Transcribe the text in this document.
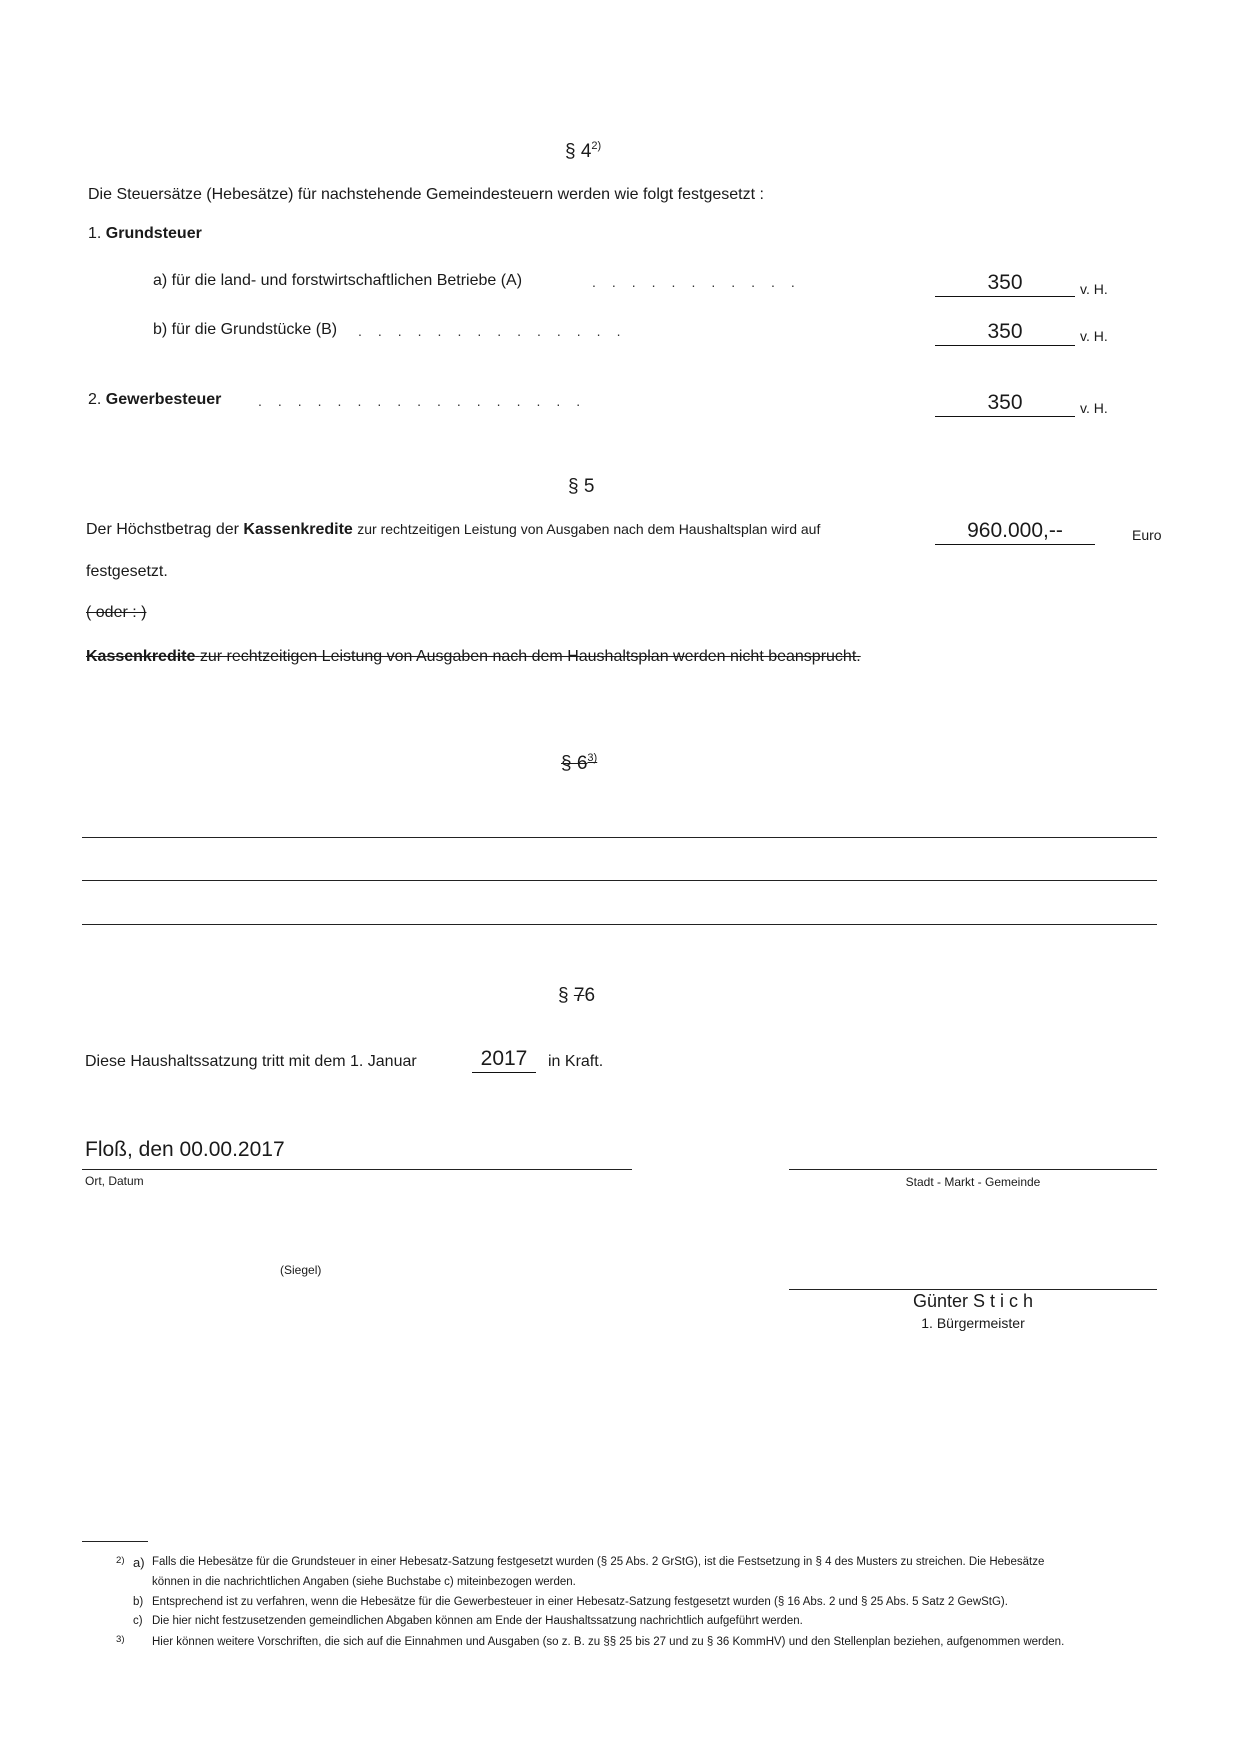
§ 4$^{2)}$
Die Steuersätze (Hebesätze) für nachstehende Gemeindesteuern werden wie folgt festgesetzt :
1. Grundsteuer
a) für die land- und forstwirtschaftlichen Betriebe (A)	...........	350	v. H.
b) für die Grundstücke (B) ..............	350	v. H.
2. Gewerbesteuer	.................	350	v. H.
§ 5
Der Höchstbetrag der Kassenkredite zur rechtzeitigen Leistung von Ausgaben nach dem Haushaltsplan wird auf	960.000,--	Euro
festgesetzt.
( oder : )
Kassenkredite zur rechtzeitigen Leistung von Ausgaben nach dem Haushaltsplan werden nicht beansprucht.
§ 6$^{3)}$
§ 76
Diese Haushaltssatzung tritt mit dem 1. Januar	2017	in Kraft.
Floß, den 00.00.2017
Ort, Datum	Stadt - Markt - Gemeinde
(Siegel)
Günter S t i c h
1. Bürgermeister
$^{2)}$ a) Falls die Hebesätze für die Grundsteuer in einer Hebesatz-Satzung festgesetzt wurden (§ 25 Abs. 2 GrStG), ist die Festsetzung in § 4 des Musters zu streichen. Die Hebesätze
können in die nachrichtlichen Angaben (siehe Buchstabe c) miteinbezogen werden.
b) Entsprechend ist zu verfahren, wenn die Hebesätze für die Gewerbesteuer in einer Hebesatz-Satzung festgesetzt wurden (§ 16 Abs. 2 und § 25 Abs. 5 Satz 2 GewStG).
c) Die hier nicht festzusetzenden gemeindlichen Abgaben können am Ende der Haushaltssatzung nachrichtlich aufgeführt werden.
$^{3)}$ Hier können weitere Vorschriften, die sich auf die Einnahmen und Ausgaben (so z. B. zu §§ 25 bis 27 und zu § 36 KommHV) und den Stellenplan beziehen, aufgenommen werden.
